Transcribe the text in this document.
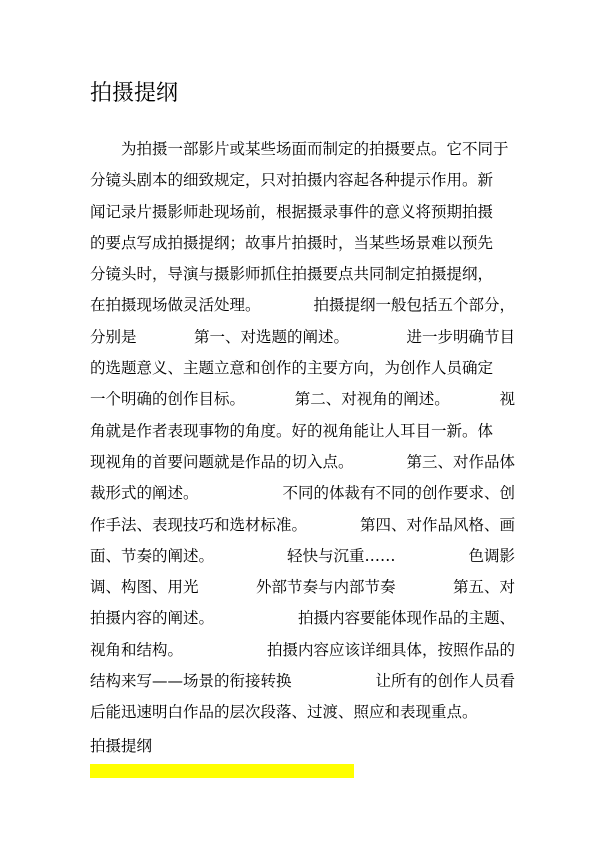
拍摄提纲
为拍摄一部影片或某些场面而制定的拍摄要点。它不同于
分镜头剧本的细致规定，只对拍摄内容起各种提示作用。新
闻记录片摄影师赴现场前，根据摄录事件的意义将预期拍摄
的要点写成拍摄提纲；故事片拍摄时，当某些场景难以预先
分镜头时，导演与摄影师抓住拍摄要点共同制定拍摄提纲，
在拍摄现场做灵活处理。	拍摄提纲一般包括五个部分，
分别是	第一、对选题的阐述。	进一步明确节目
的选题意义、主题立意和创作的主要方向，为创作人员确定
一个明确的创作目标。	第二、对视角的阐述。	视
角就是作者表现事物的角度。好的视角能让人耳目一新。体
现视角的首要问题就是作品的切入点。	第三、对作品体
裁形式的阐述。	不同的体裁有不同的创作要求、创
作手法、表现技巧和选材标准。	第四、对作品风格、画
面、节奏的阐述。	轻快与沉重……	色调影
调、构图、用光	外部节奏与内部节奏	第五、对
拍摄内容的阐述。	拍摄内容要能体现作品的主题、
视角和结构。	拍摄内容应该详细具体，按照作品的
结构来写——场景的衔接转换	让所有的创作人员看
后能迅速明白作品的层次段落、过渡、照应和表现重点。

拍摄提纲
